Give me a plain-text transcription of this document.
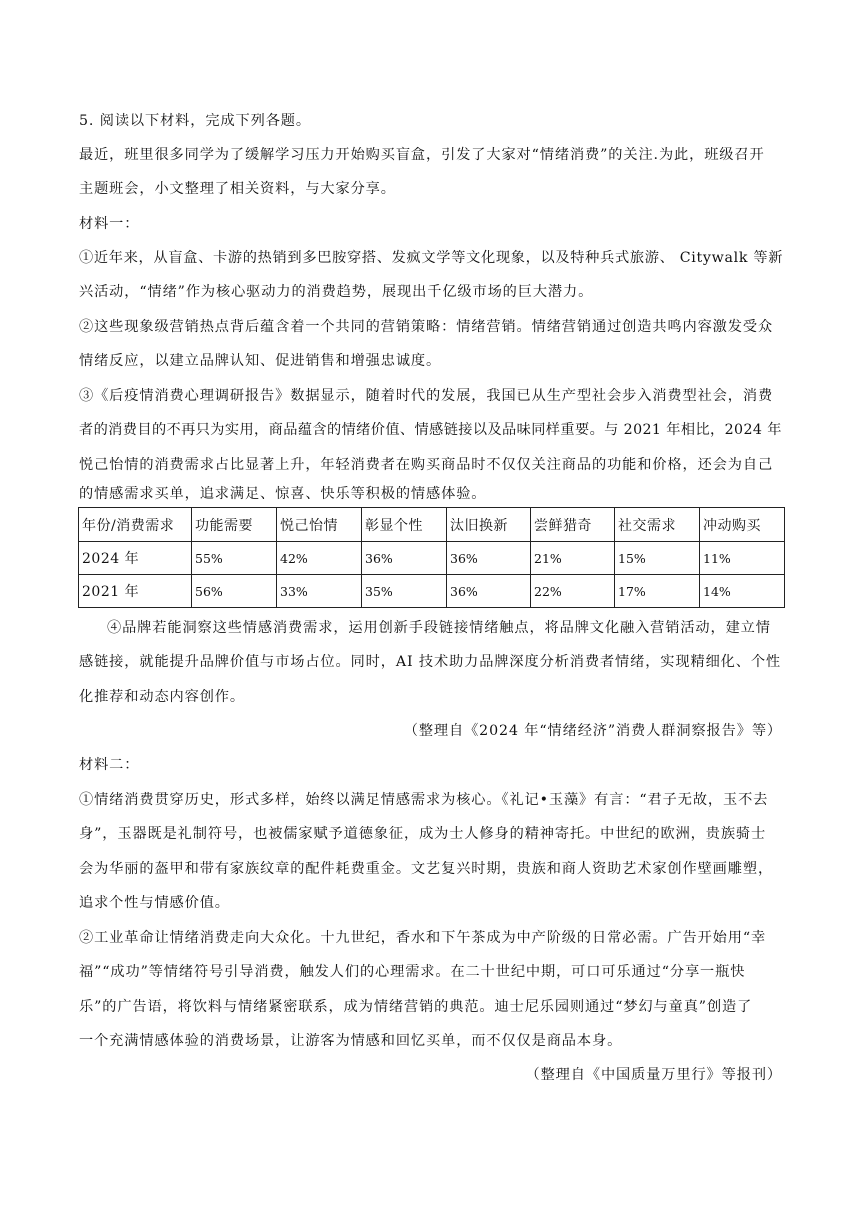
5. 阅读以下材料，完成下列各题。
最近，班里很多同学为了缓解学习压力开始购买盲盒，引发了大家对“情绪消费”的关注.为此，班级召开
主题班会，小文整理了相关资料，与大家分享。
材料一：
①近年来，从盲盒、卡游的热销到多巴胺穿搭、发疯文学等文化现象，以及特种兵式旅游、 Citywalk 等新
兴活动，“情绪”作为核心驱动力的消费趋势，展现出千亿级市场的巨大潜力。
②这些现象级营销热点背后蕴含着一个共同的营销策略：情绪营销。情绪营销通过创造共鸣内容激发受众
情绪反应，以建立品牌认知、促进销售和增强忠诚度。
③《后疫情消费心理调研报告》数据显示，随着时代的发展，我国已从生产型社会步入消费型社会，消费
者的消费目的不再只为实用，商品蕴含的情绪价值、情感链接以及品味同样重要。与 2021 年相比，2024 年
悦己怡情的消费需求占比显著上升，年轻消费者在购买商品时不仅仅关注商品的功能和价格，还会为自己
的情感需求买单，追求满足、惊喜、快乐等积极的情感体验。
年份/消费需求	功能需要	悦己怡情	彰显个性	汰旧换新	尝鲜猎奇	社交需求	冲动购买
2024 年	55%	42%	36%	36%	21%	15%	11%
2021 年	56%	33%	35%	36%	22%	17%	14%
④品牌若能洞察这些情感消费需求，运用创新手段链接情绪触点，将品牌文化融入营销活动，建立情
感链接，就能提升品牌价值与市场占位。同时，AI 技术助力品牌深度分析消费者情绪，实现精细化、个性
化推荐和动态内容创作。
（整理自《2024 年“情绪经济”消费人群洞察报告》等）
材料二：
①情绪消费贯穿历史，形式多样，始终以满足情感需求为核心。《礼记•玉藻》有言：“君子无故，玉不去
身”，玉器既是礼制符号，也被儒家赋予道德象征，成为士人修身的精神寄托。中世纪的欧洲，贵族骑士
会为华丽的盔甲和带有家族纹章的配件耗费重金。文艺复兴时期，贵族和商人资助艺术家创作壁画雕塑，
追求个性与情感价值。
②工业革命让情绪消费走向大众化。十九世纪，香水和下午茶成为中产阶级的日常必需。广告开始用“幸
福”“成功”等情绪符号引导消费，触发人们的心理需求。在二十世纪中期，可口可乐通过“分享一瓶快
乐”的广告语，将饮料与情绪紧密联系，成为情绪营销的典范。迪士尼乐园则通过“梦幻与童真”创造了
一个充满情感体验的消费场景，让游客为情感和回忆买单，而不仅仅是商品本身。
（整理自《中国质量万里行》等报刊）
